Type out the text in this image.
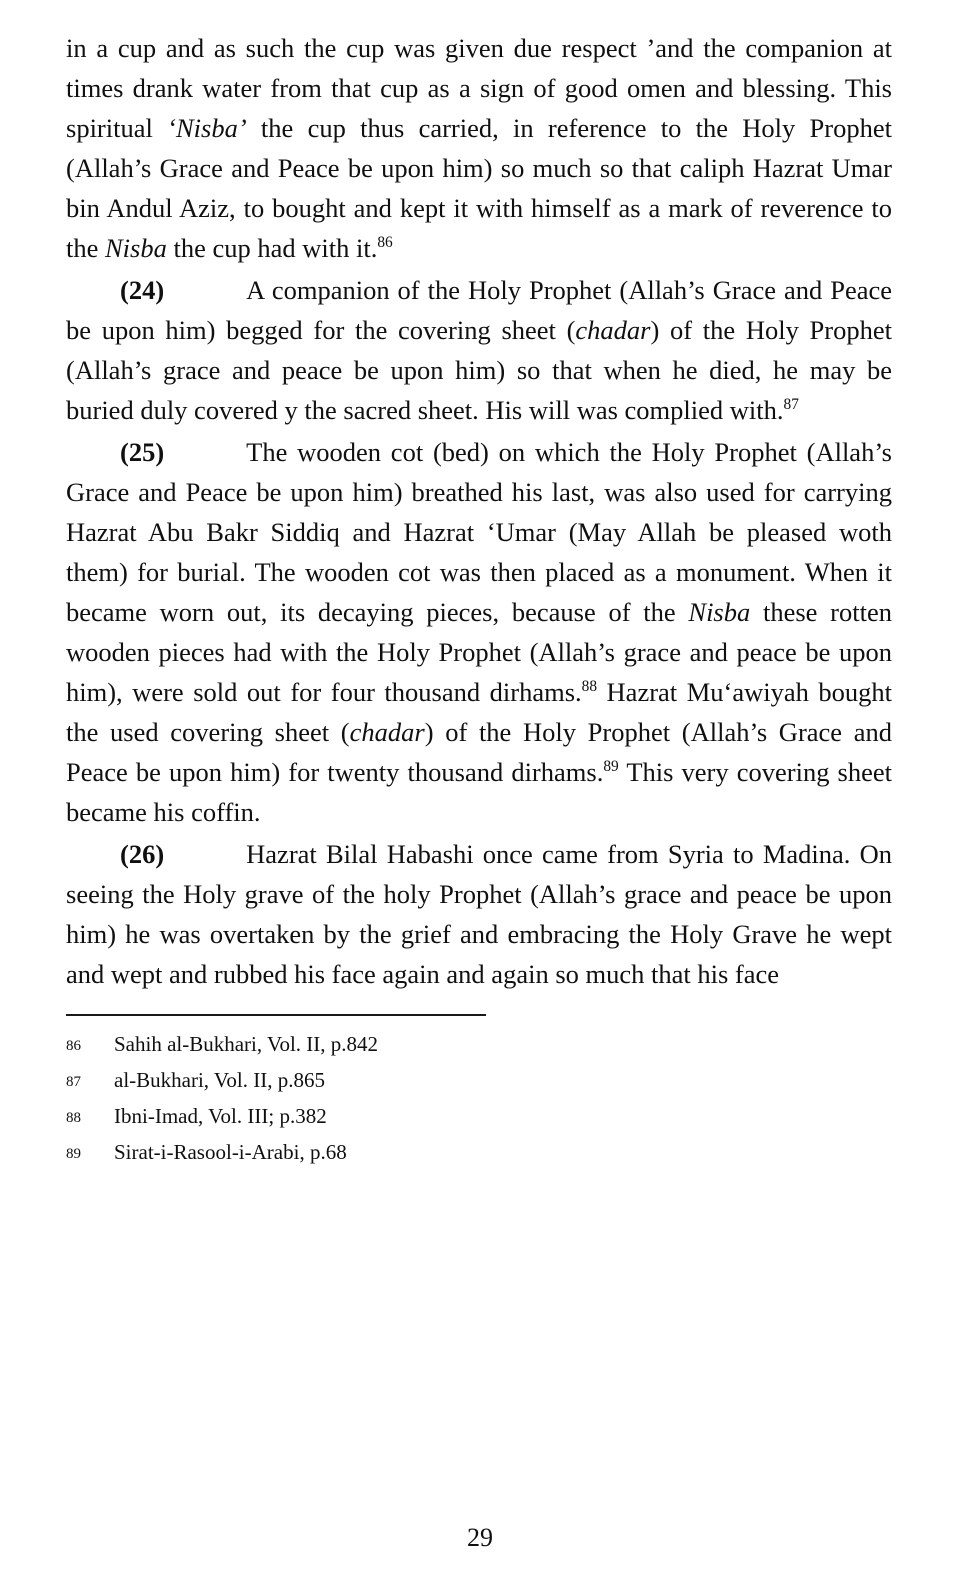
in a cup and as such the cup was given due respect ʼand the companion at times drank water from that cup as a sign of good omen and blessing. This spiritual ‘Nisba’ the cup thus carried, in reference to the Holy Prophet (Allah’s Grace and Peace be upon him) so much so that caliph Hazrat Umar bin Andul Aziz, to bought and kept it with himself as a mark of reverence to the Nisba the cup had with it.$^{86}$

(24)	A companion of the Holy Prophet (Allah’s Grace and Peace be upon him) begged for the covering sheet (chadar) of the Holy Prophet (Allah’s grace and peace be upon him) so that when he died, he may be buried duly covered y the sacred sheet. His will was complied with.$^{87}$

(25)	The wooden cot (bed) on which the Holy Prophet (Allah’s Grace and Peace be upon him) breathed his last, was also used for carrying Hazrat Abu Bakr Siddiq and Hazrat ‘Umar (May Allah be pleased woth them) for burial. The wooden cot was then placed as a monument. When it became worn out, its decaying pieces, because of the Nisba these rotten wooden pieces had with the Holy Prophet (Allah’s grace and peace be upon him), were sold out for four thousand dirhams.$^{88}$ Hazrat Mu‘awiyah bought the used covering sheet (chadar) of the Holy Prophet (Allah’s Grace and Peace be upon him) for twenty thousand dirhams.$^{89}$ This very covering sheet became his coffin.

(26)	Hazrat Bilal Habashi once came from Syria to Madina. On seeing the Holy grave of the holy Prophet (Allah’s grace and peace be upon him) he was overtaken by the grief and embracing the Holy Grave he wept and wept and rubbed his face again and again so much that his face

86	Sahih al-Bukhari, Vol. II, p.842
87	al-Bukhari, Vol. II, p.865
88	Ibni-Imad, Vol. III; p.382
89	Sirat-i-Rasool-i-Arabi, p.68
29
